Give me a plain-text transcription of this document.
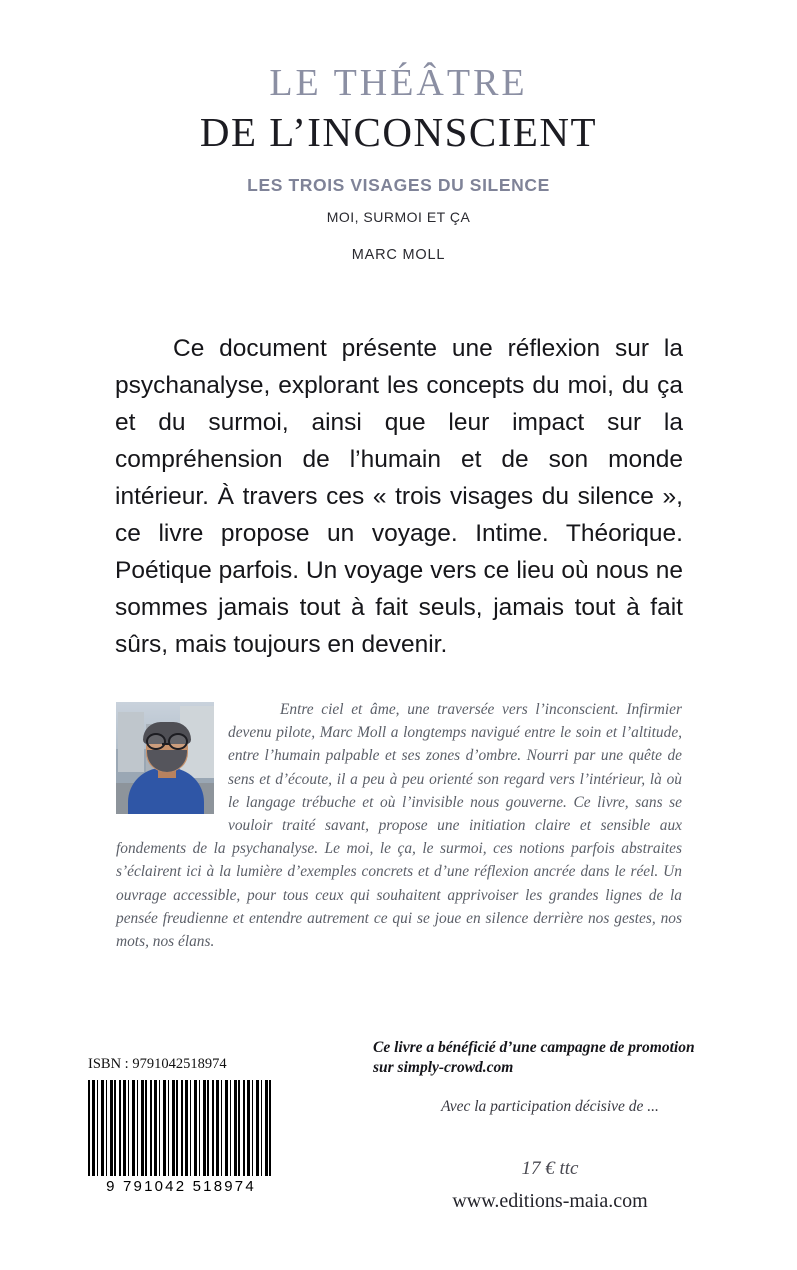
LE THÉÂTRE
DE L’INCONSCIENT
LES TROIS VISAGES DU SILENCE
MOI, SURMOI ET ÇA
MARC MOLL
Ce document présente une réflexion sur la psychanalyse, explorant les concepts du moi, du ça et du surmoi, ainsi que leur impact sur la compréhension de l’humain et de son monde intérieur. À travers ces « trois visages du silence », ce livre propose un voyage. Intime. Théorique. Poétique parfois. Un voyage vers ce lieu où nous ne sommes jamais tout à fait seuls, jamais tout à fait sûrs, mais toujours en devenir.
Entre ciel et âme, une traversée vers l’inconscient. Infirmier devenu pilote, Marc Moll a longtemps navigué entre le soin et l’altitude, entre l’humain palpable et ses zones d’ombre. Nourri par une quête de sens et d’écoute, il a peu à peu orienté son regard vers l’intérieur, là où le langage trébuche et où l’invisible nous gouverne. Ce livre, sans se vouloir traité savant, propose une initiation claire et sensible aux fondements de la psychanalyse. Le moi, le ça, le surmoi, ces notions parfois abstraites s’éclairent ici à la lumière d’exemples concrets et d’une réflexion ancrée dans le réel. Un ouvrage accessible, pour tous ceux qui souhaitent apprivoiser les grandes lignes de la pensée freudienne et entendre autrement ce qui se joue en silence derrière nos gestes, nos mots, nos élans.
ISBN : 9791042518974
9 791042 518974
Ce livre a bénéficié d’une campagne de promotion
sur simply-crowd.com
Avec la participation décisive de ...
17 € ttc
www.editions-maia.com
